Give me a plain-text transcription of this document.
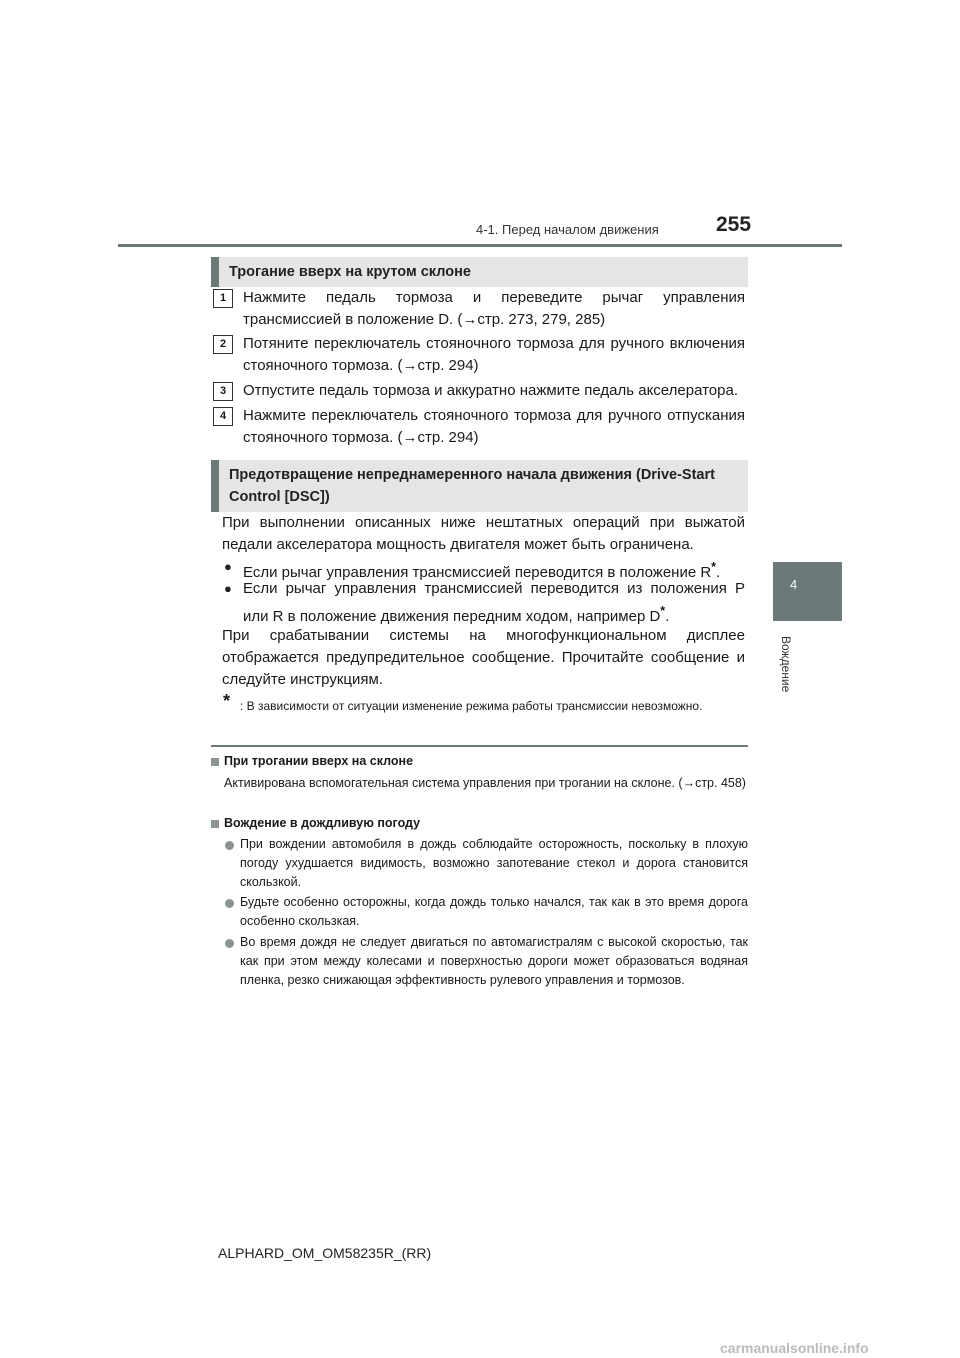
4-1. Перед началом движения	255
4
Вождение
Трогание вверх на крутом склоне
1	Нажмите педаль тормоза и переведите рычаг управления трансмиссией в положение D. (→стр. 273, 279, 285)
2	Потяните переключатель стояночного тормоза для ручного включения стояночного тормоза. (→стр. 294)
3	Отпустите педаль тормоза и аккуратно нажмите педаль акселератора.
4	Нажмите переключатель стояночного тормоза для ручного отпускания стояночного тормоза. (→стр. 294)
Предотвращение непреднамеренного начала движения (Drive-Start Control [DSC])
При выполнении описанных ниже нештатных операций при выжатой педали акселератора мощность двигателя может быть ограничена.
● Если рычаг управления трансмиссией переводится в положение R*.
● Если рычаг управления трансмиссией переводится из положения P или R в положение движения передним ходом, например D*.
При срабатывании системы на многофункциональном дисплее отображается предупредительное сообщение. Прочитайте сообщение и следуйте инструкциям.
* : В зависимости от ситуации изменение режима работы трансмиссии невозможно.
При трогании вверх на склоне
Активирована вспомогательная система управления при трогании на склоне. (→стр. 458)
Вождение в дождливую погоду
При вождении автомобиля в дождь соблюдайте осторожность, поскольку в плохую погоду ухудшается видимость, возможно запотевание стекол и дорога становится скользкой.
Будьте особенно осторожны, когда дождь только начался, так как в это время дорога особенно скользкая.
Во время дождя не следует двигаться по автомагистралям с высокой скоростью, так как при этом между колесами и поверхностью дороги может образоваться водяная пленка, резко снижающая эффективность рулевого управления и тормозов.
ALPHARD_OM_OM58235R_(RR)
carmanualsonline.info
